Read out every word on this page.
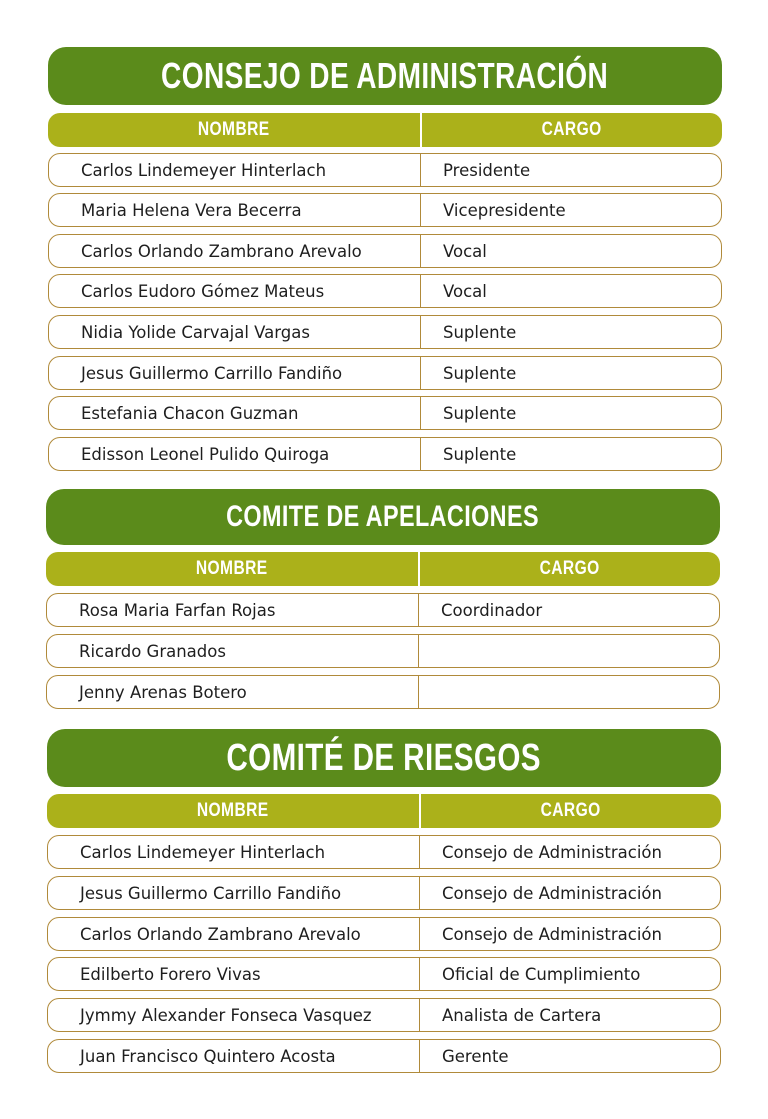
CONSEJO DE ADMINISTRACIÓN
NOMBRE	CARGO
Carlos Lindemeyer Hinterlach	Presidente
Maria Helena Vera Becerra	Vicepresidente
Carlos Orlando Zambrano Arevalo	Vocal
Carlos Eudoro Gómez Mateus	Vocal
Nidia Yolide Carvajal Vargas	Suplente
Jesus Guillermo Carrillo Fandiño	Suplente
Estefania Chacon Guzman	Suplente
Edisson Leonel Pulido Quiroga	Suplente
COMITE DE APELACIONES
NOMBRE	CARGO
Rosa Maria Farfan Rojas	Coordinador
Ricardo Granados
Jenny Arenas Botero
COMITÉ DE RIESGOS
NOMBRE	CARGO
Carlos Lindemeyer Hinterlach	Consejo de Administración
Jesus Guillermo Carrillo Fandiño	Consejo de Administración
Carlos Orlando Zambrano Arevalo	Consejo de Administración
Edilberto Forero Vivas	Oficial de Cumplimiento
Jymmy Alexander Fonseca Vasquez	Analista de Cartera
Juan Francisco Quintero Acosta	Gerente
